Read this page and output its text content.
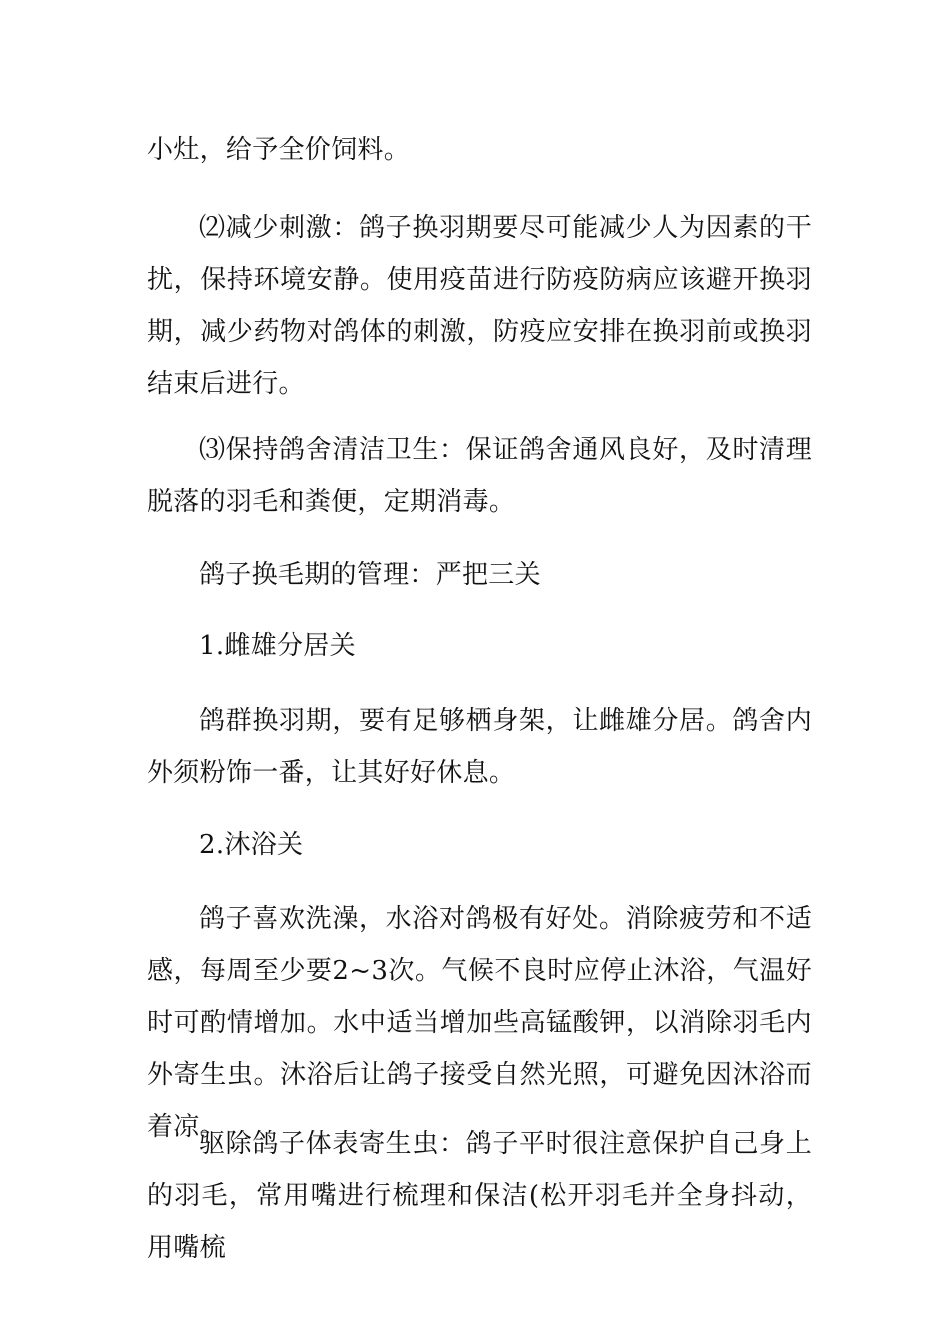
小灶，给予全价饲料。

⑵减少刺激：鸽子换羽期要尽可能减少人为因素的干扰，保持环境安静。使用疫苗进行防疫防病应该避开换羽期，减少药物对鸽体的刺激，防疫应安排在换羽前或换羽结束后进行。

⑶保持鸽舍清洁卫生：保证鸽舍通风良好，及时清理脱落的羽毛和粪便，定期消毒。

鸽子换毛期的管理：严把三关

1.雌雄分居关

鸽群换羽期，要有足够栖身架，让雌雄分居。鸽舍内外须粉饰一番，让其好好休息。

2.沐浴关

鸽子喜欢洗澡，水浴对鸽极有好处。消除疲劳和不适感，每周至少要2~3次。气候不良时应停止沐浴，气温好时可酌情增加。水中适当增加些高锰酸钾，以消除羽毛内外寄生虫。沐浴后让鸽子接受自然光照，可避免因沐浴而着凉。

驱除鸽子体表寄生虫：鸽子平时很注意保护自己身上的羽毛，常用嘴进行梳理和保洁(松开羽毛并全身抖动，用嘴梳
